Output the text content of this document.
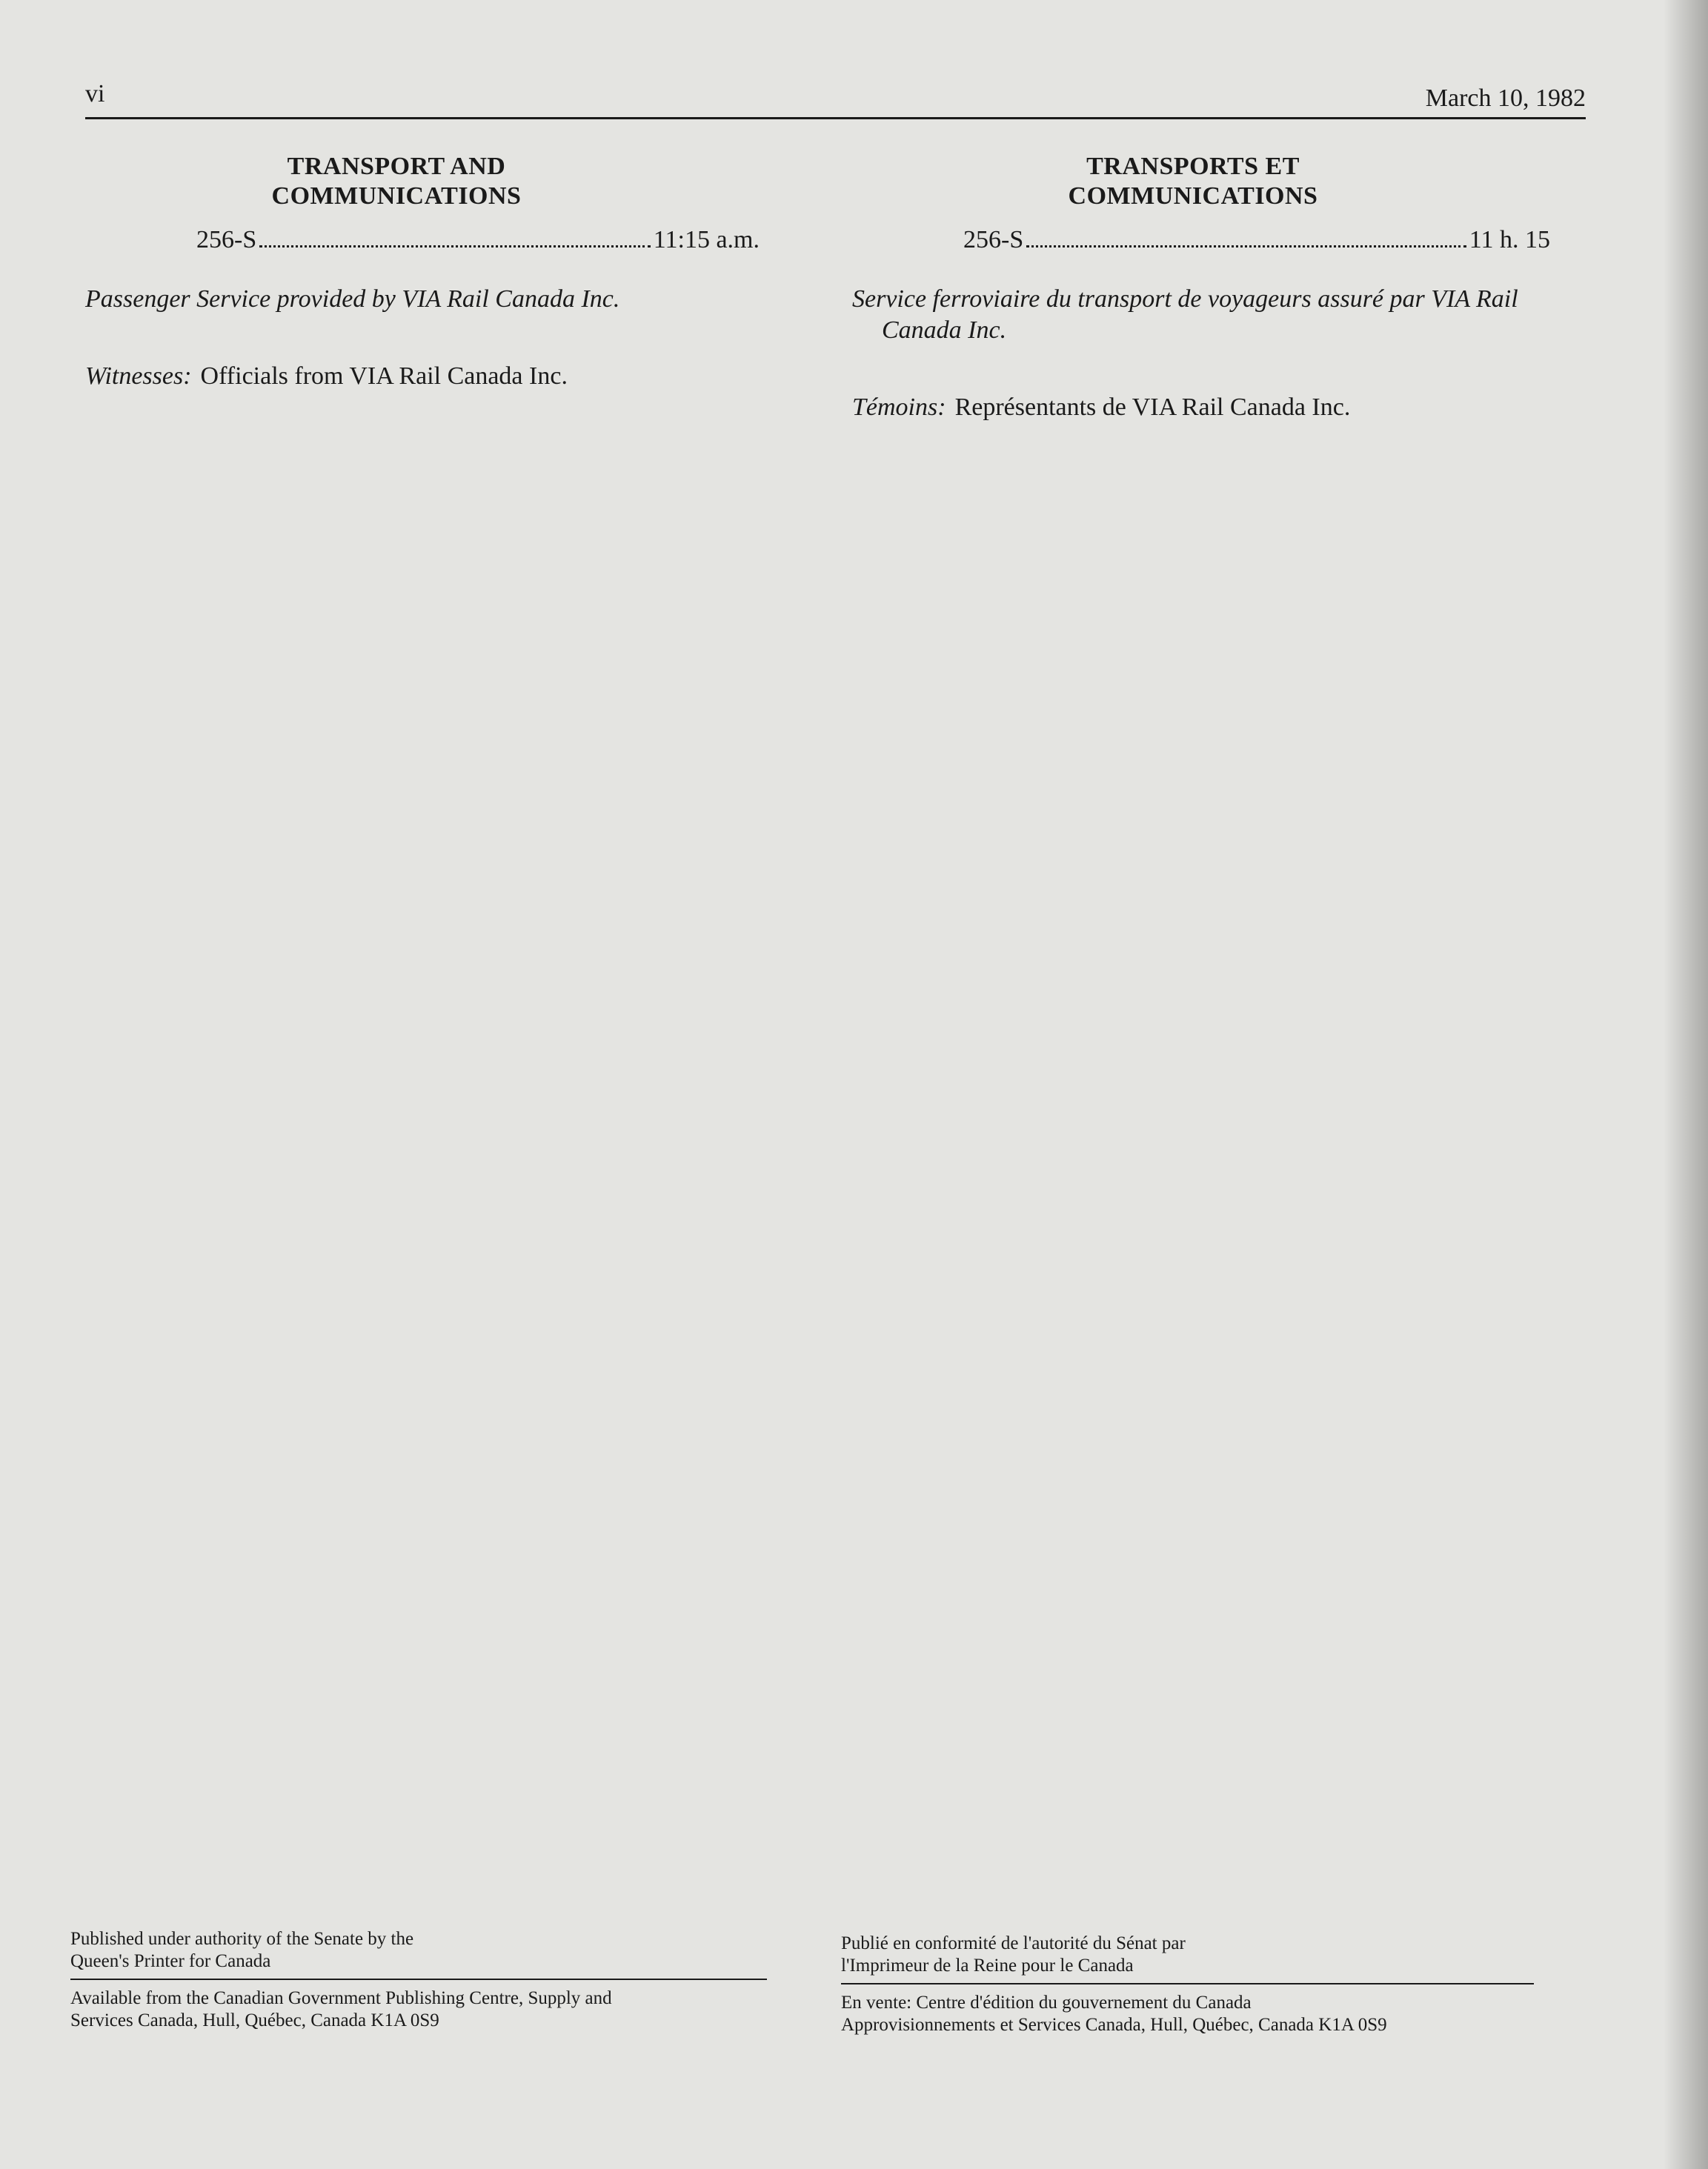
vi	March 10, 1982
TRANSPORT AND
COMMUNICATIONS
256-S	11:15 a.m.
Passenger Service provided by VIA Rail Canada Inc.
Witnesses: Officials from VIA Rail Canada Inc.
TRANSPORTS ET
COMMUNICATIONS
256-S	11 h. 15
Service ferroviaire du transport de voyageurs assuré par VIA Rail Canada Inc.
Témoins: Représentants de VIA Rail Canada Inc.

Published under authority of the Senate by the

Queen's Printer for Canada

Available from the Canadian Government Publishing Centre, Supply and

Services Canada, Hull, Québec, Canada K1A 0S9

Publié en conformité de l'autorité du Sénat par

l'Imprimeur de la Reine pour le Canada

En vente: Centre d'édition du gouvernement du Canada

Approvisionnements et Services Canada, Hull, Québec, Canada K1A 0S9
